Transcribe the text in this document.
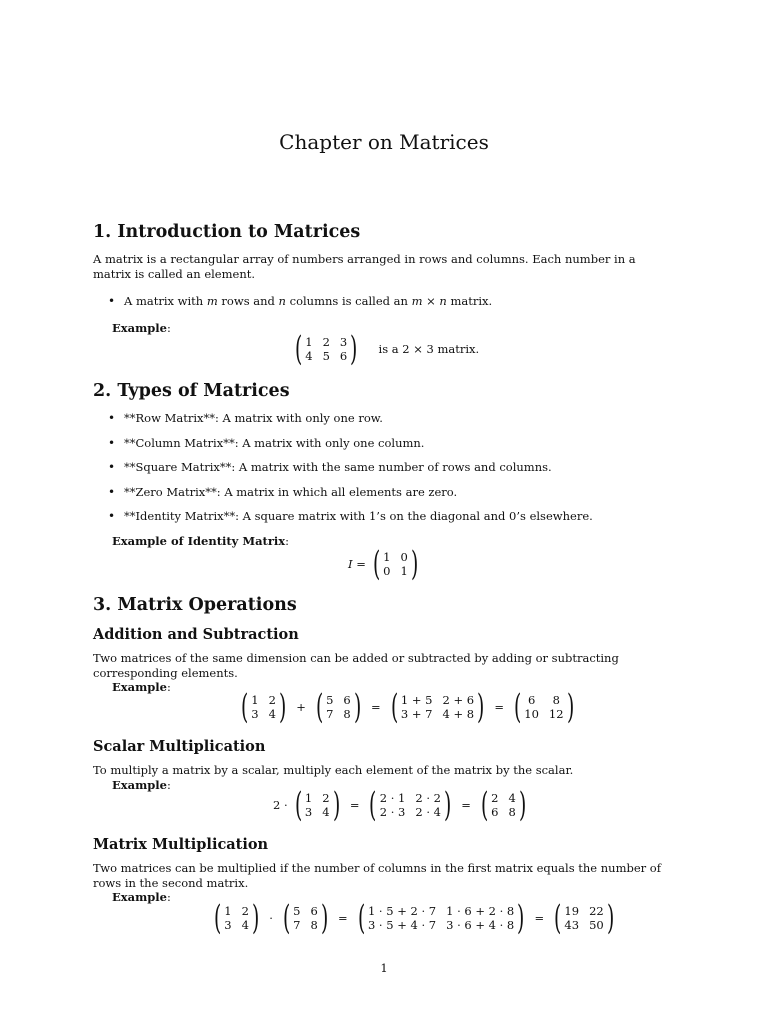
Chapter on Matrices
1. Introduction to Matrices

A matrix is a rectangular array of numbers arranged in rows and columns. Each number in a matrix is called an element.

• A matrix with m rows and n columns is called an m × n matrix.

Example:

( 1 2 3
4 5 6 )	is a 2 × 3 matrix.
2. Types of Matrices
• **Row Matrix**: A matrix with only one row.
• **Column Matrix**: A matrix with only one column.
• **Square Matrix**: A matrix with the same number of rows and columns.
• **Zero Matrix**: A matrix in which all elements are zero.
• **Identity Matrix**: A square matrix with 1’s on the diagonal and 0’s elsewhere.

Example of Identity Matrix:

I = ( 1 0
0 1 )
3. Matrix Operations
Addition and Subtraction

Two matrices of the same dimension can be added or subtracted by adding or subtracting corresponding elements.

Example: ( 1 2
3 4 ) + ( 5 6
7 8 ) = ( 1 + 5 2 + 6
3 + 7 4 + 8 ) = ( 6	8
10 12 )
Scalar Multiplication

To multiply a matrix by a scalar, multiply each element of the matrix by the scalar.

Example:

2 · ( 1 2
3 4 ) = ( 2 · 1 2 · 2
2 · 3 2 · 4 ) = ( 2 4
6 8 )
Matrix Multiplication

Two matrices can be multiplied if the number of columns in the first matrix equals the number of rows in the second matrix.

Example:

( 1 2
3 4 ) · ( 5 6
7 8 ) = ( 1 · 5 + 2 · 7 1 · 6 + 2 · 8
3 · 5 + 4 · 7 3 · 6 + 4 · 8 ) = ( 19 22
43 50 )
1
